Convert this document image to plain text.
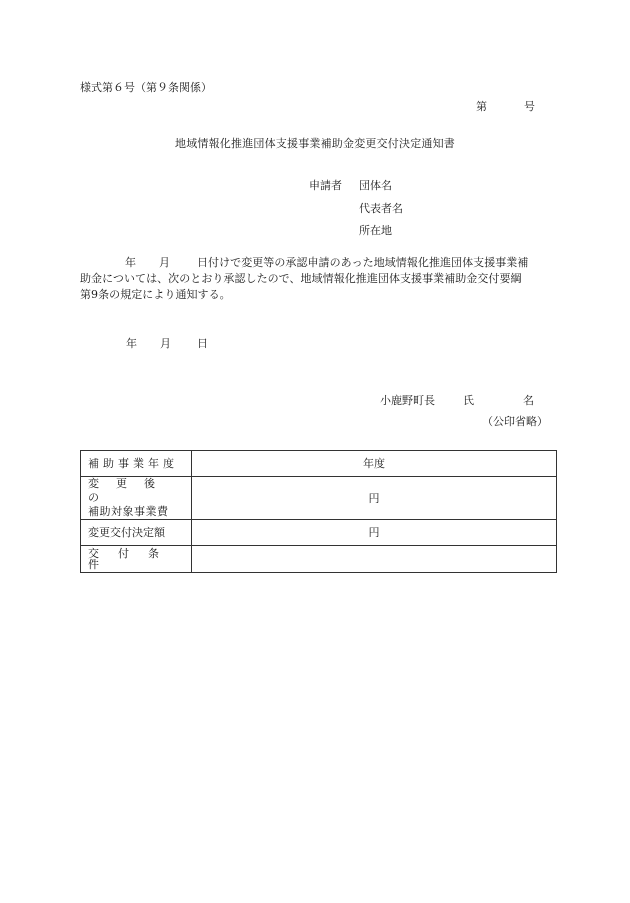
様式第６号（第９条関係）
第	号
地域情報化推進団体支援事業補助金変更交付決定通知書
申請者 団体名
代表者名
所在地
年 月 日付けで変更等の承認申請のあった地域情報化推進団体支援事業補
助金については、次のとおり承認したので、地域情報化推進団体支援事業補助金交付要綱
第9条の規定により通知する。
年 月 日
小鹿野町長	氏	名
（公印省略）
補助事業年度	年度

変更後の
補助対象事業費	円
変更交付決定額	円
交付条件	
